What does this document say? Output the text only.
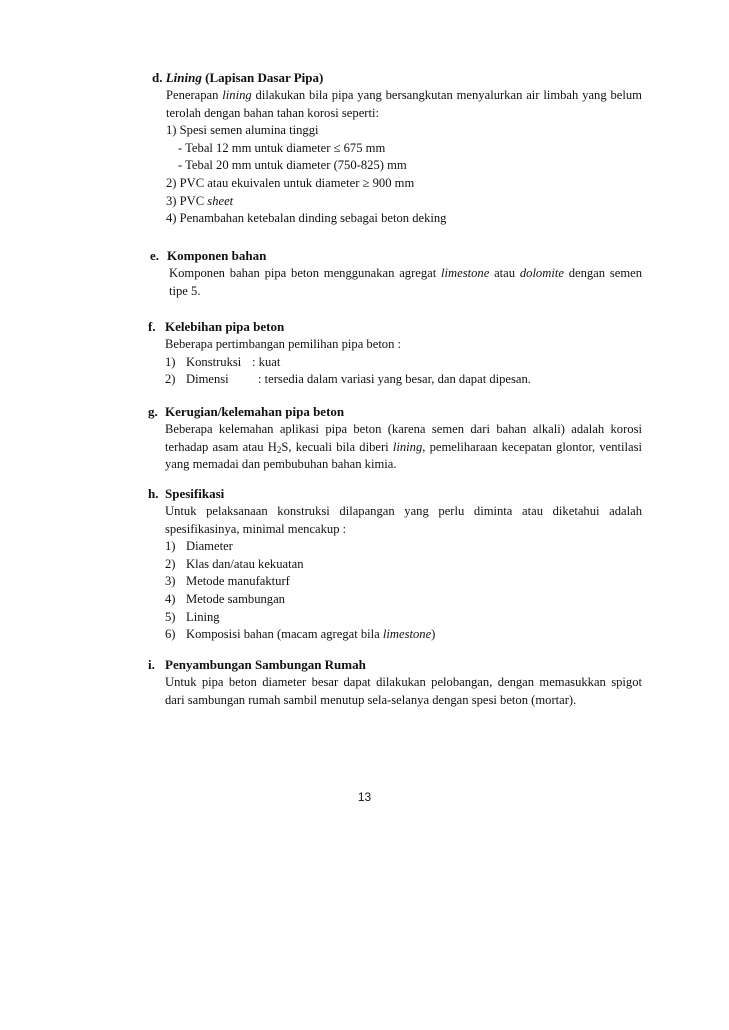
d. Lining (Lapisan Dasar Pipa)
Penerapan lining dilakukan bila pipa yang bersangkutan menyalurkan air limbah yang belum terolah dengan bahan tahan korosi seperti:
1) Spesi semen alumina tinggi
- Tebal 12 mm untuk diameter ≤ 675 mm
- Tebal 20 mm untuk diameter (750-825) mm
2) PVC atau ekuivalen untuk diameter ≥ 900 mm
3) PVC sheet
4) Penambahan ketebalan dinding sebagai beton deking
e. Komponen bahan
Komponen bahan pipa beton menggunakan agregat limestone atau dolomite dengan semen tipe 5.
f. Kelebihan pipa beton
Beberapa pertimbangan pemilihan pipa beton :
1) Konstruksi : kuat
2) Dimensi : tersedia dalam variasi yang besar, dan dapat dipesan.
g. Kerugian/kelemahan pipa beton
Beberapa kelemahan aplikasi pipa beton (karena semen dari bahan alkali) adalah korosi terhadap asam atau $H_2S$, kecuali bila diberi lining, pemeliharaan kecepatan glontor, ventilasi yang memadai dan pembubuhan bahan kimia.
h. Spesifikasi
Untuk pelaksanaan konstruksi dilapangan yang perlu diminta atau diketahui adalah spesifikasinya, minimal mencakup :
1) Diameter
2) Klas dan/atau kekuatan
3) Metode manufakturf
4) Metode sambungan
5) Lining
6) Komposisi bahan (macam agregat bila limestone)
i. Penyambungan Sambungan Rumah
Untuk pipa beton diameter besar dapat dilakukan pelobangan, dengan memasukkan spigot dari sambungan rumah sambil menutup sela-selanya dengan spesi beton (mortar).
13
